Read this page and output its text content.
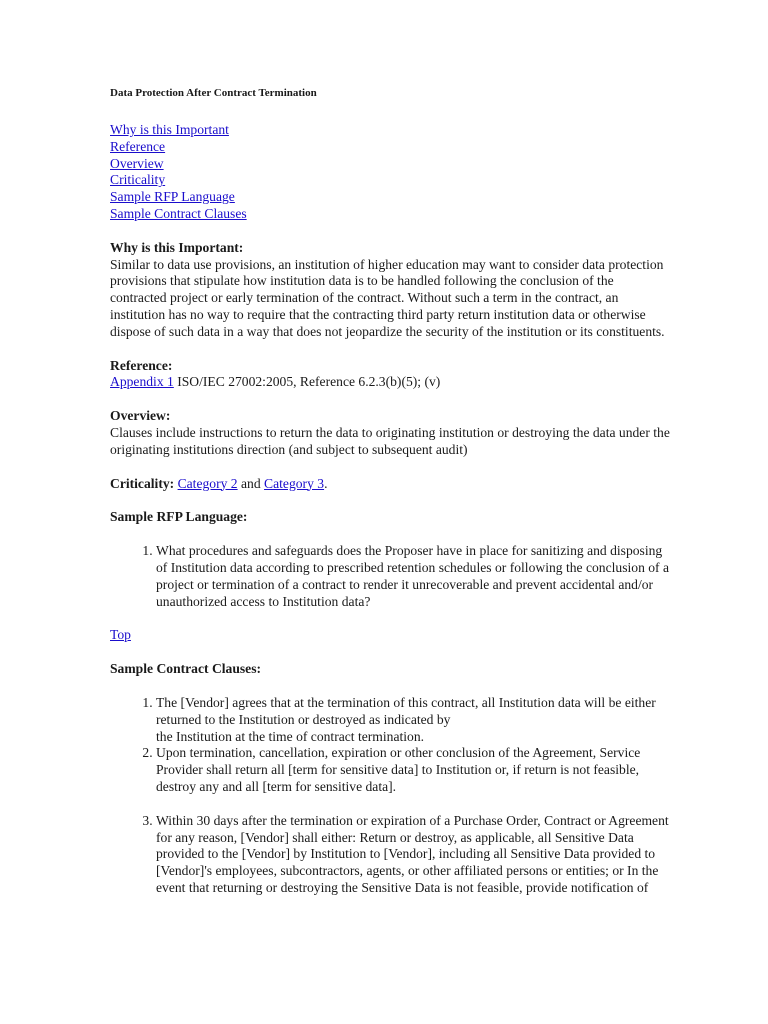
Data Protection After Contract Termination
Why is this Important
Reference
Overview
Criticality
Sample RFP Language
Sample Contract Clauses
Why is this Important:

Similar to data use provisions, an institution of higher education may want to consider data protection provisions that stipulate how institution data is to be handled following the conclusion of the contracted project or early termination of the contract. Without such a term in the contract, an institution has no way to require that the contracting third party return institution data or otherwise dispose of such data in a way that does not jeopardize the security of the institution or its constituents.

Reference:

Appendix 1 ISO/IEC 27002:2005, Reference 6.2.3(b)(5); (v)

Overview:

Clauses include instructions to return the data to originating institution or destroying the data under the originating institutions direction (and subject to subsequent audit)

Criticality: Category 2 and Category 3.

Sample RFP Language:
1. What procedures and safeguards does the Proposer have in place for sanitizing and disposing of Institution data according to prescribed retention schedules or following the conclusion of a project or termination of a contract to render it unrecoverable and prevent accidental and/or unauthorized access to Institution data?
Top
Sample Contract Clauses:
1. The [Vendor] agrees that at the termination of this contract, all Institution data will be either returned to the Institution or destroyed as indicated by
the Institution at the time of contract termination.
2. Upon termination, cancellation, expiration or other conclusion of the Agreement, Service Provider shall return all [term for sensitive data] to Institution or, if return is not feasible, destroy any and all [term for sensitive data].
3. Within 30 days after the termination or expiration of a Purchase Order, Contract or Agreement for any reason, [Vendor] shall either: Return or destroy, as applicable, all Sensitive Data provided to the [Vendor] by Institution to [Vendor], including all Sensitive Data provided to [Vendor]'s employees, subcontractors, agents, or other affiliated persons or entities; or In the event that returning or destroying the Sensitive Data is not feasible, provide notification of
